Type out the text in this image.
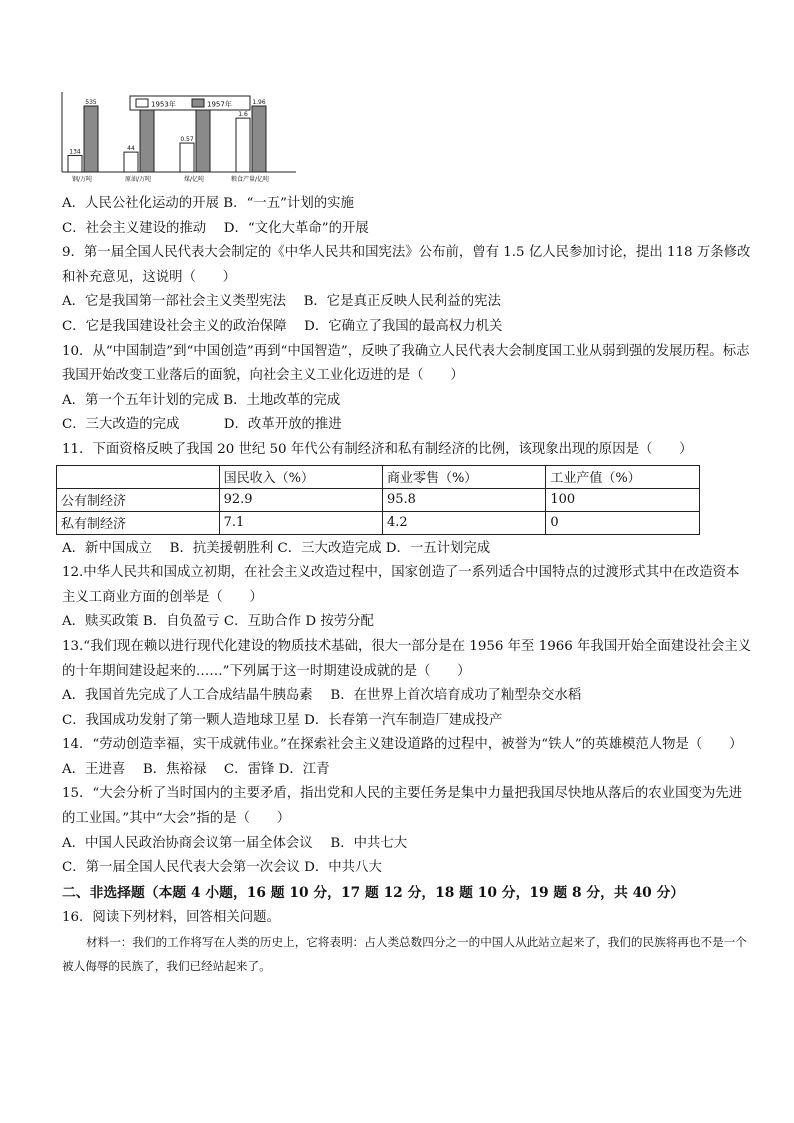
134
535
钢/万吨
44
原油/万吨
0.57
煤/亿吨
1.6
1.96
粮食产量/亿吨
1953年	1957年
A．人民公社化运动的开展 B．“一五”计划的实施
C．社会主义建设的推动　 D．“文化大革命”的开展
9．第一届全国人民代表大会制定的《中华人民共和国宪法》公布前，曾有 1.5 亿人民参加讨论，提出 118 万条修改和补充意见，这说明（　　）
A．它是我国第一部社会主义类型宪法　 B．它是真正反映人民利益的宪法
C．它是我国建设社会主义的政治保障　 D．它确立了我国的最高权力机关
10．从“中国制造”到“中国创造”再到“中国智造”，反映了我确立人民代表大会制度国工业从弱到强的发展历程。标志我国开始改变工业落后的面貌，向社会主义工业化迈进的是（　　）
A．第一个五年计划的完成 B．土地改革的完成
C．三大改造的完成　　　 D．改革开放的推进
11．下面资格反映了我国 20 世纪 50 年代公有制经济和私有制经济的比例，该现象出现的原因是（　　）
	国民收入（%）	商业零售（%）	工业产值（%）
公有制经济	92.9	95.8	100
私有制经济	7.1	4.2	0
A．新中国成立　 B．抗美援朝胜利 C．三大改造完成 D．一五计划完成
12.中华人民共和国成立初期，在社会主义改造过程中，国家创造了一系列适合中国特点的过渡形式其中在改造资本主义工商业方面的创举是（　　）
A．赎买政策 B．自负盈亏 C．互助合作 D 按劳分配
13.“我们现在赖以进行现代化建设的物质技术基础，很大一部分是在 1956 年至 1966 年我国开始全面建设社会主义的十年期间建设起来的……”下列属于这一时期建设成就的是（　　）
A．我国首先完成了人工合成结晶牛胰岛素　 B．在世界上首次培育成功了籼型杂交水稻
C．我国成功发射了第一颗人造地球卫星 D．长春第一汽车制造厂建成投产
14．“劳动创造幸福，实干成就伟业。”在探索社会主义建设道路的过程中，被誉为“铁人”的英雄模范人物是（　　）
A．王进喜　 B．焦裕禄　 C．雷锋 D．江青
15．“大会分析了当时国内的主要矛盾，指出党和人民的主要任务是集中力量把我国尽快地从落后的农业国变为先进的工业国。”其中“大会”指的是（　　）
A．中国人民政治协商会议第一届全体会议　 B．中共七大
C．第一届全国人民代表大会第一次会议 D．中共八大
二、非选择题（本题 4 小题，16 题 10 分，17 题 12 分，18 题 10 分，19 题 8 分，共 40 分）
16．阅读下列材料，回答相关问题。
材料一：我们的工作将写在人类的历史上，它将表明：占人类总数四分之一的中国人从此站立起来了，我们的民族将再也不是一个被人侮辱的民族了，我们已经站起来了。
